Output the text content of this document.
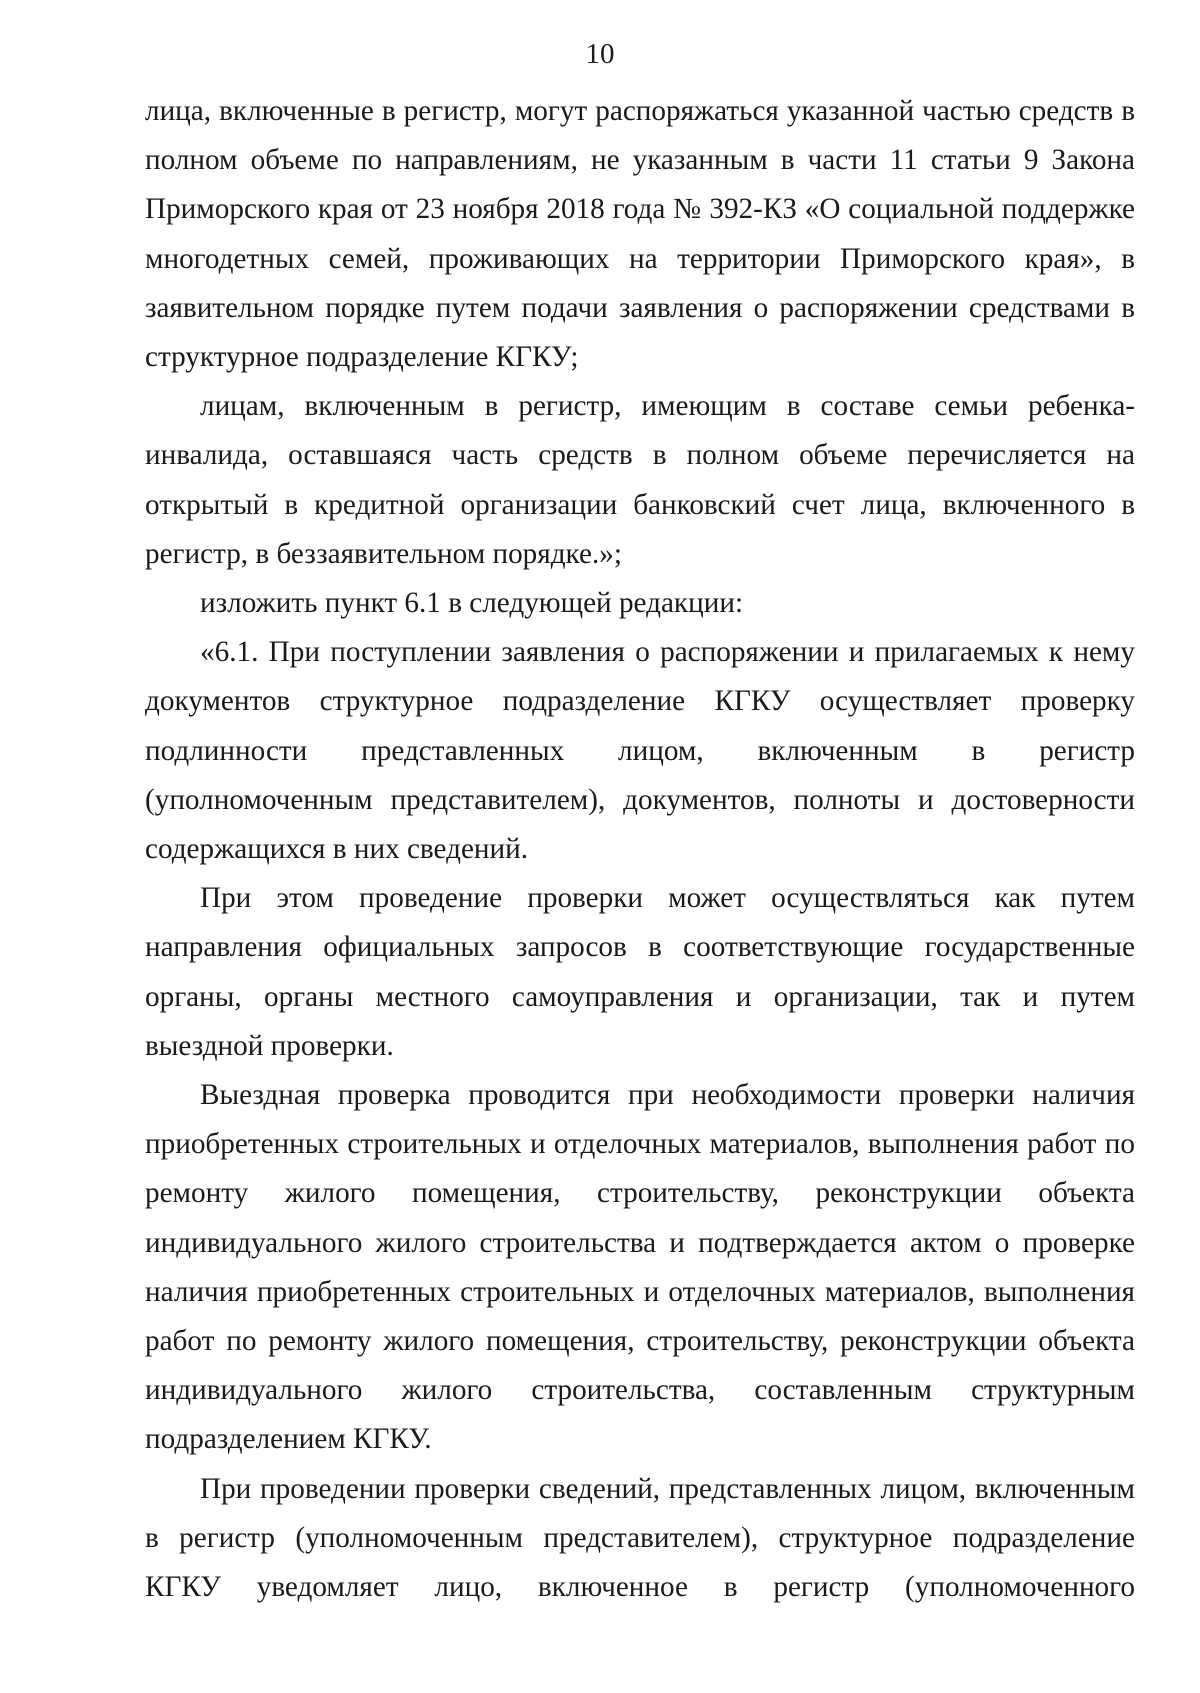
10

лица, включенные в регистр, могут распоряжаться указанной частью средств в полном объеме по направлениям, не указанным в части 11 статьи 9 Закона Приморского края от 23 ноября 2018 года № 392-КЗ «О социальной поддержке многодетных семей, проживающих на территории Приморского края», в заявительном порядке путем подачи заявления о распоряжении средствами в структурное подразделение КГКУ;

лицам, включенным в регистр, имеющим в составе семьи ребенка-инвалида, оставшаяся часть средств в полном объеме перечисляется на открытый в кредитной организации банковский счет лица, включенного в регистр, в беззаявительном порядке.»;

изложить пункт 6.1 в следующей редакции:

«6.1. При поступлении заявления о распоряжении и прилагаемых к нему документов структурное подразделение КГКУ осуществляет проверку подлинности представленных лицом, включенным в регистр (уполномоченным представителем), документов, полноты и достоверности содержащихся в них сведений.

При этом проведение проверки может осуществляться как путем направления официальных запросов в соответствующие государственные органы, органы местного самоуправления и организации, так и путем выездной проверки.

Выездная проверка проводится при необходимости проверки наличия приобретенных строительных и отделочных материалов, выполнения работ по ремонту жилого помещения, строительству, реконструкции объекта индивидуального жилого строительства и подтверждается актом о проверке наличия приобретенных строительных и отделочных материалов, выполнения работ по ремонту жилого помещения, строительству, реконструкции объекта индивидуального жилого строительства, составленным структурным подразделением КГКУ.

При проведении проверки сведений, представленных лицом, включенным в регистр (уполномоченным представителем), структурное подразделение КГКУ уведомляет лицо, включенное в регистр (уполномоченного
